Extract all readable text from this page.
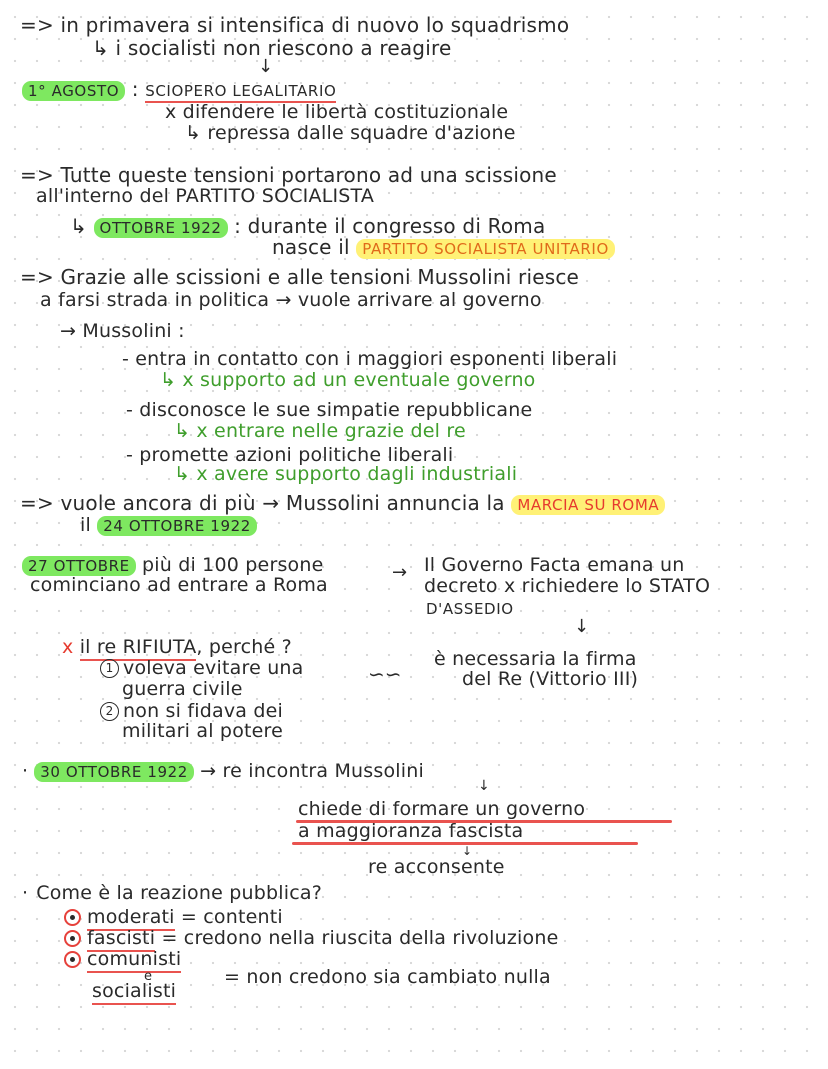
=> in primavera si intensifica di nuovo lo squadrismo
↳ i socialisti non riescono a reagire
↓
1° AGOSTO : SCIOPERO LEGALITARIO
x difendere le libertà costituzionale
↳ repressa dalle squadre d'azione
=> Tutte queste tensioni portarono ad una scissione
all'interno del PARTITO SOCIALISTA
↳ OTTOBRE 1922 : durante il congresso di Roma
nasce il PARTITO SOCIALISTA UNITARIO
=> Grazie alle scissioni e alle tensioni Mussolini riesce
a farsi strada in politica → vuole arrivare al governo
→ Mussolini :
- entra in contatto con i maggiori esponenti liberali
↳ x supporto ad un eventuale governo
- disconosce le sue simpatie repubblicane
↳ x entrare nelle grazie del re
- promette azioni politiche liberali
↳ x avere supporto dagli industriali
=> vuole ancora di più → Mussolini annuncia la MARCIA SU ROMA
il 24 OTTOBRE 1922
27 OTTOBRE più di 100 persone
cominciano ad entrare a Roma
→ Il Governo Facta emana un
decreto x richiedere lo STATO
D'ASSEDIO
↓
x il re RIFIUTA, perché ?
1 voleva evitare una
guerra civile
2 non si fidava dei
militari al potere
∽∽
è necessaria la firma
del Re (Vittorio III)
· 30 OTTOBRE 1922 → re incontra Mussolini
↓
chiede di formare un governo
a maggioranza fascista
↓
re acconsente
· Come è la reazione pubblica?
moderati = contenti
fascisti = credono nella riuscita della rivoluzione
comunisti
e
socialisti
= non credono sia cambiato nulla
